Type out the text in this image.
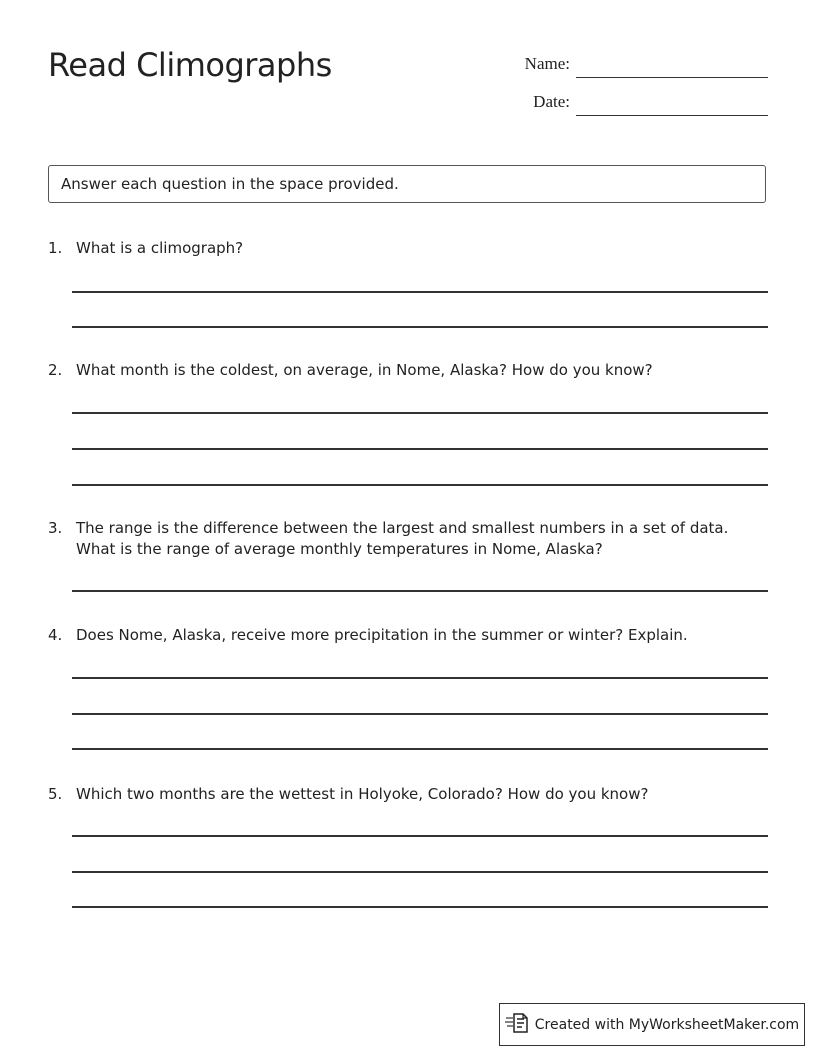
Read Climographs	Name:
Date:
Answer each question in the space provided.
1. What is a climograph?
2. What month is the coldest, on average, in Nome, Alaska? How do you know?
3. The range is the difference between the largest and smallest numbers in a set of data. What is the range of average monthly temperatures in Nome, Alaska?
4. Does Nome, Alaska, receive more precipitation in the summer or winter? Explain.
5. Which two months are the wettest in Holyoke, Colorado? How do you know?
Created with MyWorksheetMaker.com
